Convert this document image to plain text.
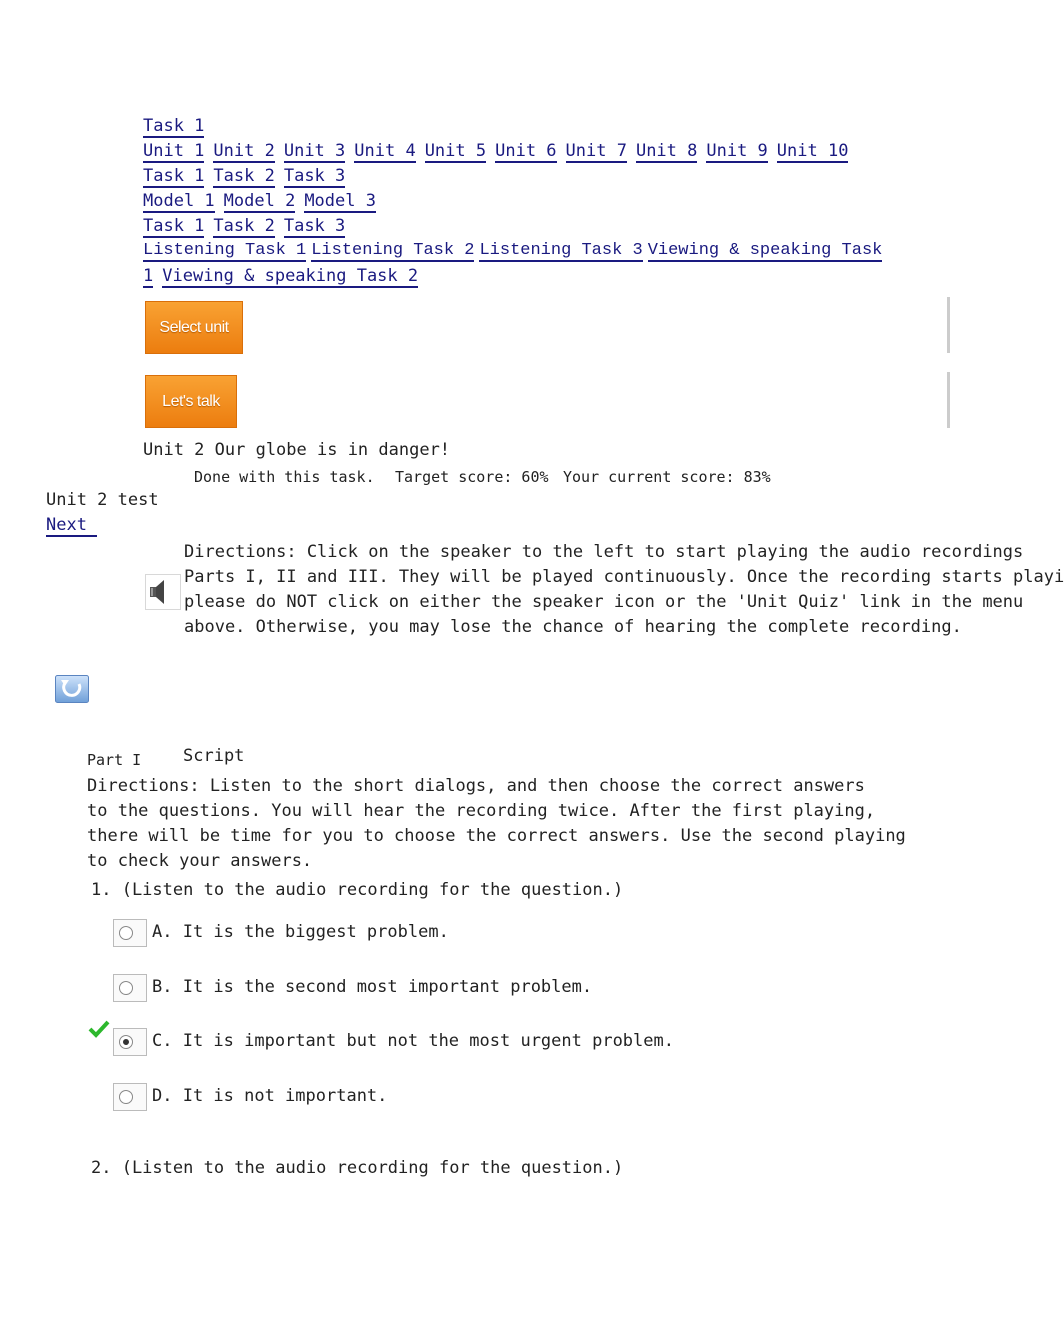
Task 1
Unit 1 Unit 2 Unit 3 Unit 4 Unit 5 Unit 6 Unit 7 Unit 8 Unit 9 Unit 10
Task 1 Task 2 Task 3
Model 1 Model 2 Model 3
Task 1 Task 2 Task 3
Listening Task 1 Listening Task 2 Listening Task 3 Viewing & speaking Task
1 Viewing & speaking Task 2
Select unit
Let's talk
Unit 2 Our globe is in danger!
Done with this task. Target score: 60% Your current score: 83%
Unit 2 test
Next
Directions: Click on the speaker to the left to start playing the audio recordings
Parts I, II and III. They will be played continuously. Once the recording starts playi
please do NOT click on either the speaker icon or the 'Unit Quiz' link in the menu
above. Otherwise, you may lose the chance of hearing the complete recording.
Part I Script
Directions: Listen to the short dialogs, and then choose the correct answers
to the questions. You will hear the recording twice. After the first playing,
there will be time for you to choose the correct answers. Use the second playing
to check your answers.
1. (Listen to the audio recording for the question.)
A. It is the biggest problem.
B. It is the second most important problem.
C. It is important but not the most urgent problem.
D. It is not important.
2. (Listen to the audio recording for the question.)
